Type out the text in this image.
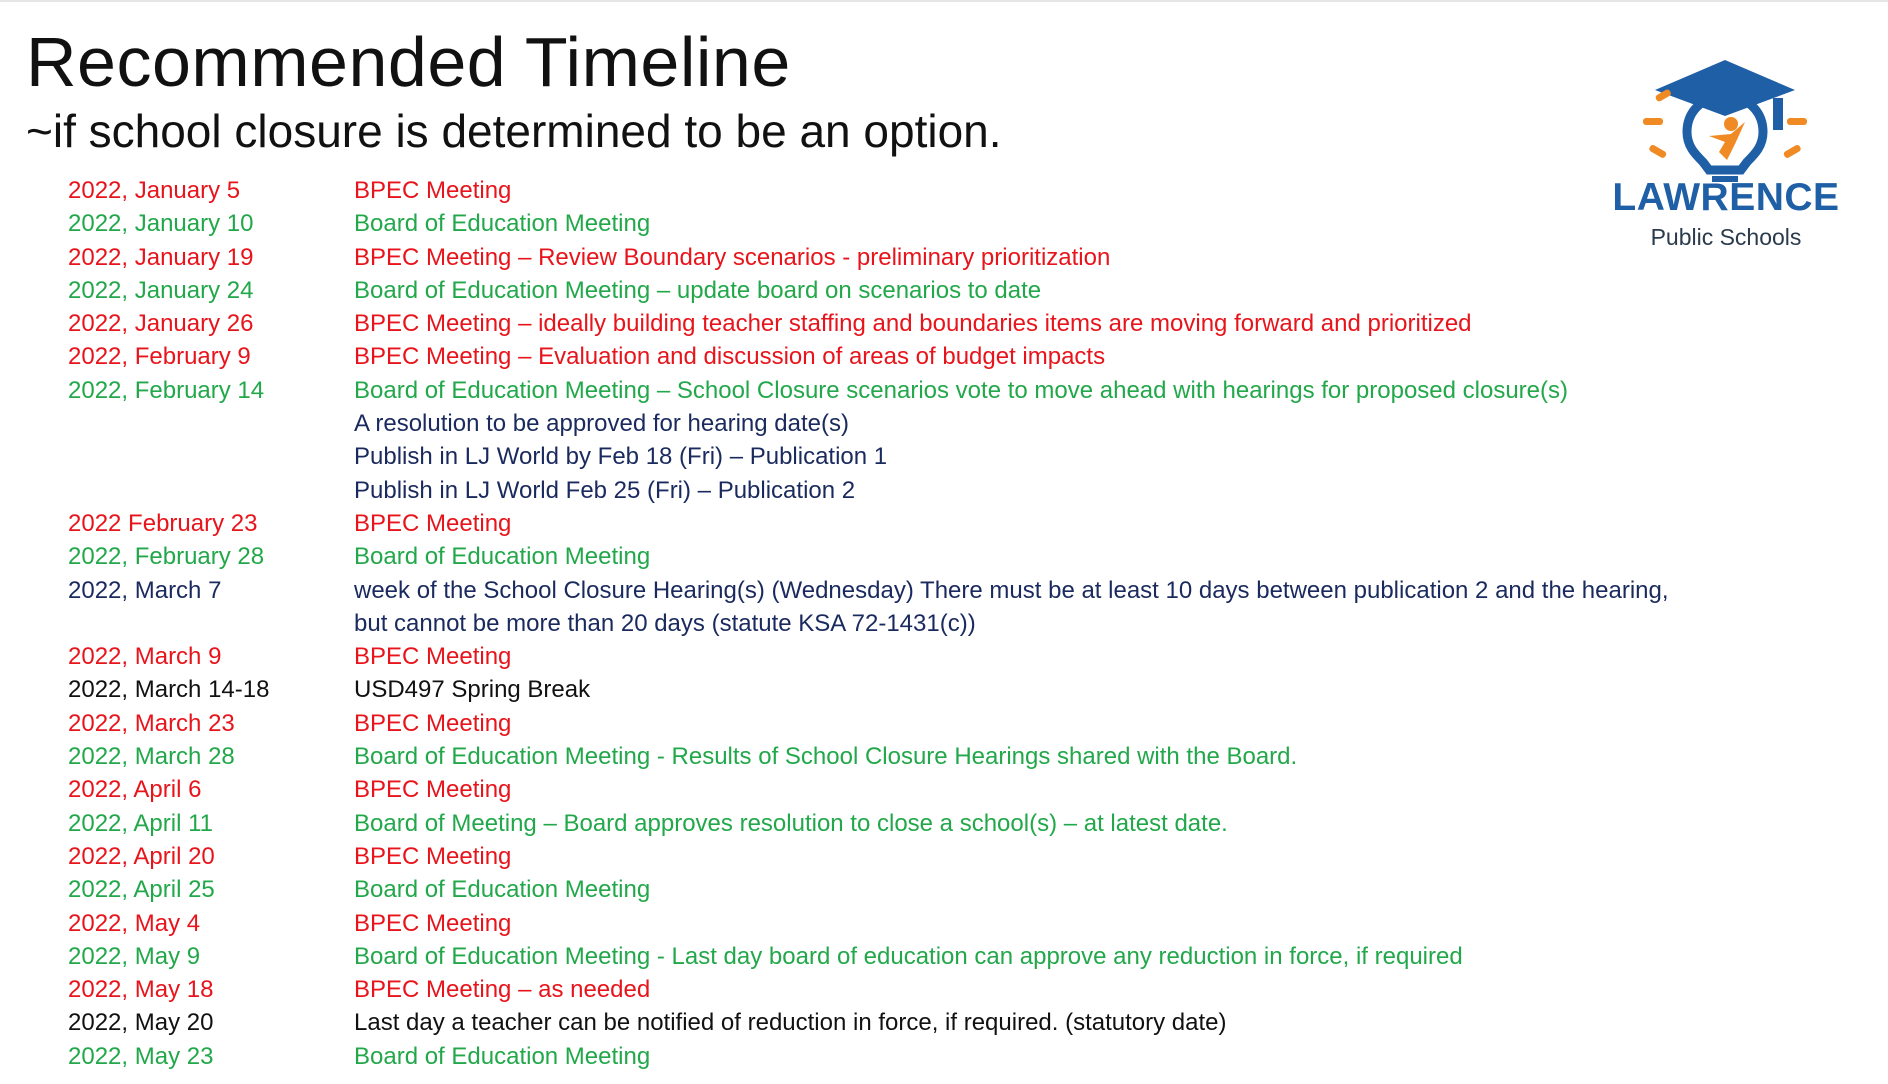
Recommended Timeline
~if school closure is determined to be an option.
LAWRENCE
Public Schools
2022, January 5	BPEC Meeting
2022, January 10	Board of Education Meeting
2022, January 19	BPEC Meeting – Review Boundary scenarios - preliminary prioritization
2022, January 24	Board of Education Meeting – update board on scenarios to date
2022, January 26	BPEC Meeting – ideally building teacher staffing and boundaries items are moving forward and prioritized
2022, February 9	BPEC Meeting – Evaluation and discussion of areas of budget impacts
2022, February 14	Board of Education Meeting – School Closure scenarios vote to move ahead with hearings for proposed closure(s)
A resolution to be approved for hearing date(s)
Publish in LJ World by Feb 18 (Fri) – Publication 1
Publish in LJ World Feb 25 (Fri) – Publication 2
2022 February 23	BPEC Meeting
2022, February 28	Board of Education Meeting
2022, March 7	week of the School Closure Hearing(s) (Wednesday) There must be at least 10 days between publication 2 and the hearing,
but cannot be more than 20 days (statute KSA 72-1431(c))
2022, March 9	BPEC Meeting
2022, March 14-18	USD497 Spring Break
2022, March 23	BPEC Meeting
2022, March 28	Board of Education Meeting - Results of School Closure Hearings shared with the Board.
2022, April 6	BPEC Meeting
2022, April 11	Board of Meeting – Board approves resolution to close a school(s) – at latest date.
2022, April 20	BPEC Meeting
2022, April 25	Board of Education Meeting
2022, May 4	BPEC Meeting
2022, May 9	Board of Education Meeting - Last day board of education can approve any reduction in force, if required
2022, May 18	BPEC Meeting – as needed
2022, May 20	Last day a teacher can be notified of reduction in force, if required. (statutory date)
2022, May 23	Board of Education Meeting
